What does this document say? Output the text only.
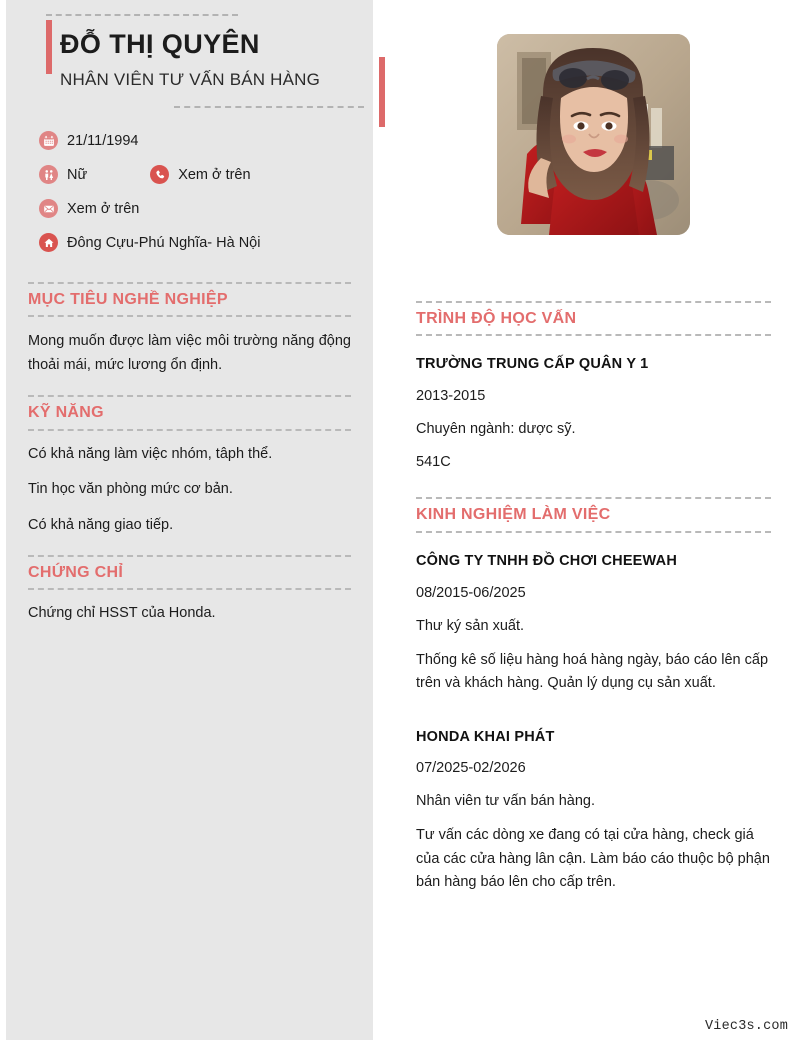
ĐỖ THỊ QUYÊN
NHÂN VIÊN TƯ VẤN BÁN HÀNG
21/11/1994
Nữ	Xem ở trên
Xem ở trên
Đông Cựu-Phú Nghĩa- Hà Nội
MỤC TIÊU NGHỀ NGHIỆP

Mong muốn được làm việc môi trường năng động thoải mái, mức lương ổn định.

KỸ NĂNG
Có khả năng làm việc nhóm, tâph thể.
Tin học văn phòng mức cơ bản.
Có khả năng giao tiếp.
CHỨNG CHỈ
Chứng chỉ HSST của Honda.
TRÌNH ĐỘ HỌC VẤN
TRƯỜNG TRUNG CẤP QUÂN Y 1
2013-2015
Chuyên ngành: dược sỹ.
541C
KINH NGHIỆM LÀM VIỆC
CÔNG TY TNHH ĐỒ CHƠI CHEEWAH
08/2015-06/2025
Thư ký sản xuất.
Thống kê số liệu hàng hoá hàng ngày, báo cáo lên cấp trên và khách hàng. Quản lý dụng cụ sản xuất.
HONDA KHAI PHÁT
07/2025-02/2026
Nhân viên tư vấn bán hàng.
Tư vấn các dòng xe đang có tại cửa hàng, check giá của các cửa hàng lân cận. Làm báo cáo thuộc bộ phận bán hàng báo lên cho cấp trên.
Viec3s.com
